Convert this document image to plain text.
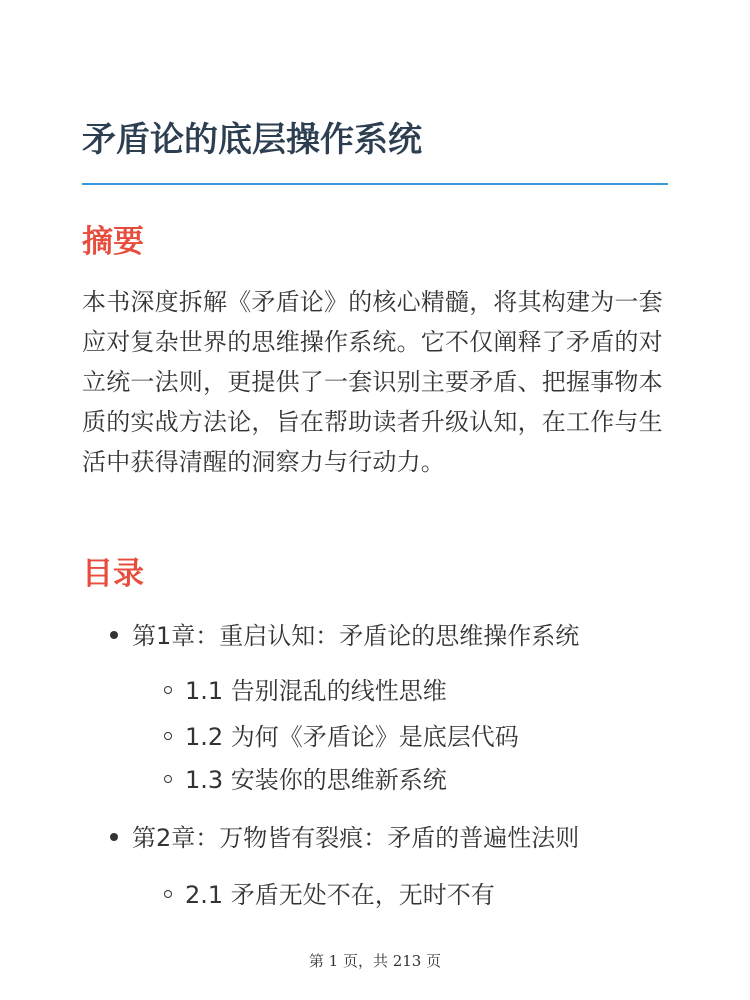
矛盾论的底层操作系统
摘要

本书深度拆解《矛盾论》的核心精髓，将其构建为一套应对复杂世界的思维操作系统。它不仅阐释了矛盾的对立统一法则，更提供了一套识别主要矛盾、把握事物本质的实战方法论，旨在帮助读者升级认知，在工作与生活中获得清醒的洞察力与行动力。

目录
第1章：重启认知：矛盾论的思维操作系统
1.1 告别混乱的线性思维
1.2 为何《矛盾论》是底层代码
1.3 安装你的思维新系统
第2章：万物皆有裂痕：矛盾的普遍性法则
2.1 矛盾无处不在，无时不有
第 1 页，共 213 页
